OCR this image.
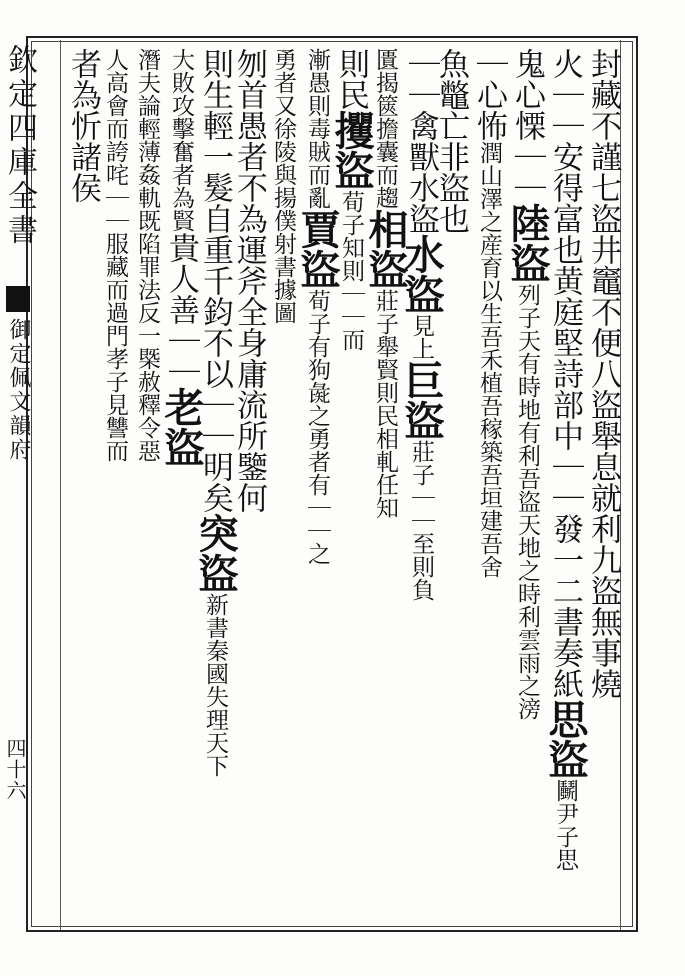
欽定四庫全書
御定佩文韻府
四十六
封藏不謹七盜井竈不便八盜舉息就利九盜無事燒
火｜｜安得富也黄庭堅詩部中｜｜發一二書奏紙思盜鬭尹子思
鬼心慄｜｜陸盜列子天有時地有利吾盜天地之時利雲雨之滂
｜心怖潤山澤之産育以生吾禾植吾稼築吾垣建吾舍
魚鼈亡非盜也
｜｜禽獸水盜水盜見上巨盜莊子｜｜至則負
匱揭篋擔囊而趨相盜莊子舉賢則民相軋任知
則民攫盜荀子知則｜｜而
漸愚則毒賊而亂賈盜荀子有狗彘之勇者有｜｜之
勇者又徐陵與揚僕射書據圖
刎首愚者不為運斧全身庸流所鑒何
則生輕一髮自重千鈞不以｜｜明矣突盜新書秦國失理天下
大敗攻擊奮者為賢貴人善｜｜老盜
潛夫論輕薄姦軌既陷罪法反一槩赦釋令惡
人高會而誇咤｜｜服藏而過門孝子見讐而
者為忻諸侯
